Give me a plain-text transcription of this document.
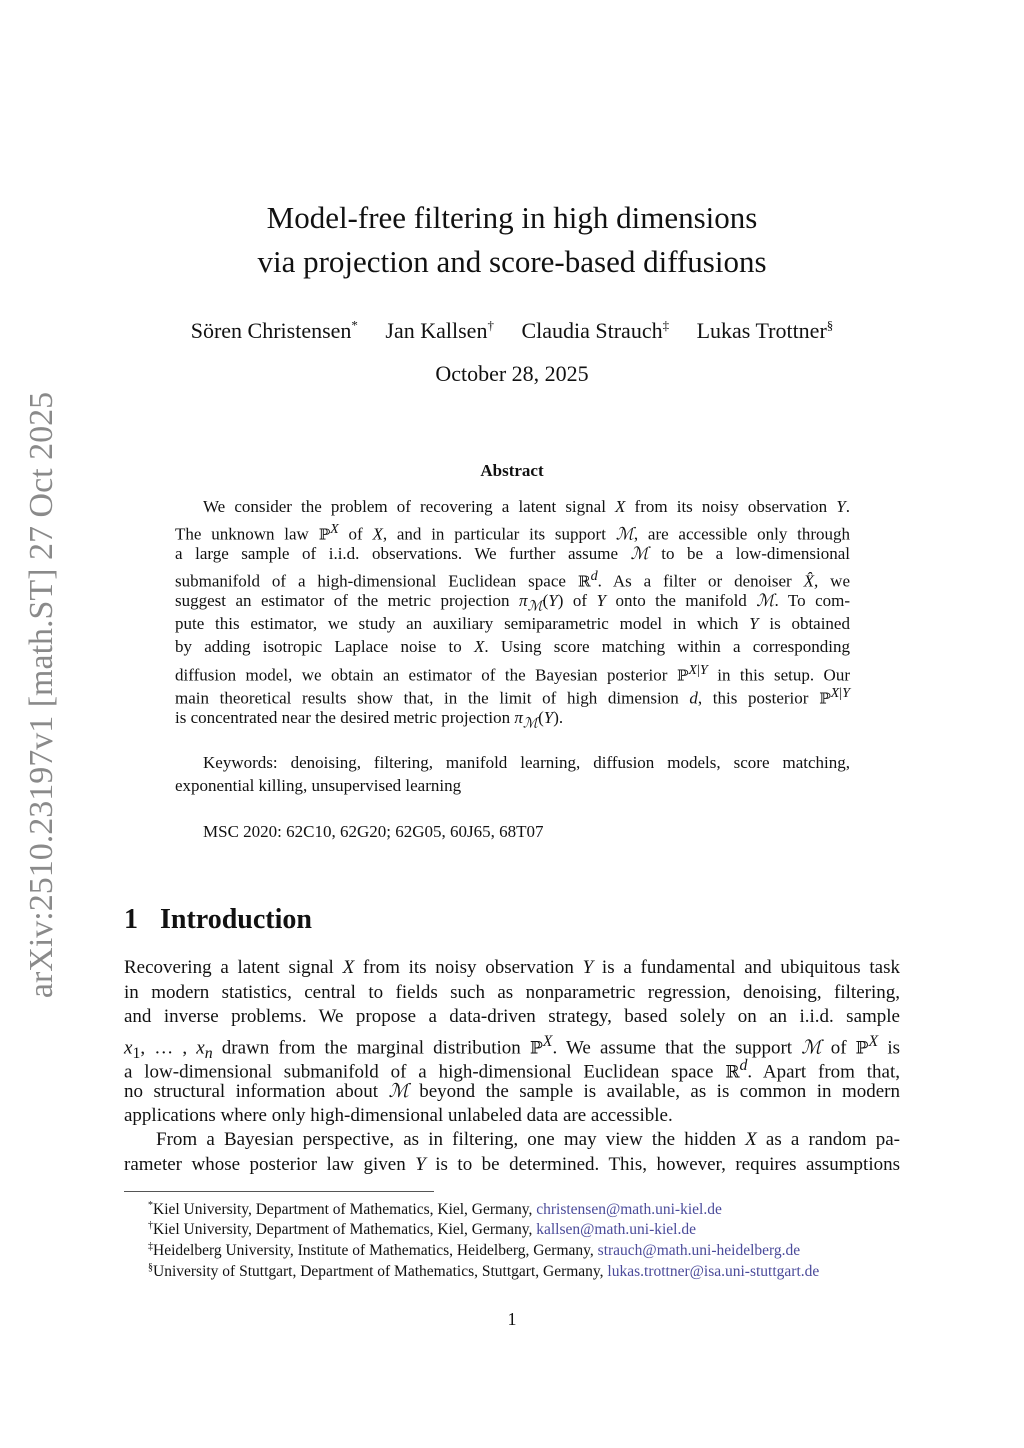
arXiv:2510.23197v1 [math.ST] 27 Oct 2025
Model-free filtering in high dimensions
via projection and score-based diffusions
Sören Christensen* Jan Kallsen† Claudia Strauch‡ Lukas Trottner§
October 28, 2025
Abstract
We consider the problem of recovering a latent signal X from its noisy observation Y.
The unknown law ℙ$^X$ of X, and in particular its support ℳ, are accessible only through
a large sample of i.i.d. observations. We further assume ℳ to be a low-dimensional
submanifold of a high-dimensional Euclidean space ℝ$^d$. As a filter or denoiser X̂, we
suggest an estimator of the metric projection $\pi_ℳ(Y)$ of Y onto the manifold ℳ. To com-
pute this estimator, we study an auxiliary semiparametric model in which Y is obtained
by adding isotropic Laplace noise to X. Using score matching within a corresponding
diffusion model, we obtain an estimator of the Bayesian posterior ℙ$^{X|Y}$ in this setup. Our
main theoretical results show that, in the limit of high dimension d, this posterior ℙ$^{X|Y}$
is concentrated near the desired metric projection $\pi_ℳ(Y)$.
Keywords: denoising, filtering, manifold learning, diffusion models, score matching,
exponential killing, unsupervised learning
MSC 2020: 62C10, 62G20; 62G05, 60J65, 68T07
1 Introduction
Recovering a latent signal X from its noisy observation Y is a fundamental and ubiquitous task
in modern statistics, central to fields such as nonparametric regression, denoising, filtering,
and inverse problems. We propose a data-driven strategy, based solely on an i.i.d. sample
$x_1$, … , $x_n$ drawn from the marginal distribution ℙ$^X$. We assume that the support ℳ of ℙ$^X$ is
a low-dimensional submanifold of a high-dimensional Euclidean space ℝ$^d$. Apart from that,
no structural information about ℳ beyond the sample is available, as is common in modern
applications where only high-dimensional unlabeled data are accessible.
From a Bayesian perspective, as in filtering, one may view the hidden X as a random pa-
rameter whose posterior law given Y is to be determined. This, however, requires assumptions
*Kiel University, Department of Mathematics, Kiel, Germany, christensen@math.uni-kiel.de
†Kiel University, Department of Mathematics, Kiel, Germany, kallsen@math.uni-kiel.de
‡Heidelberg University, Institute of Mathematics, Heidelberg, Germany, strauch@math.uni-heidelberg.de
§University of Stuttgart, Department of Mathematics, Stuttgart, Germany, lukas.trottner@isa.uni-stuttgart.de
1
